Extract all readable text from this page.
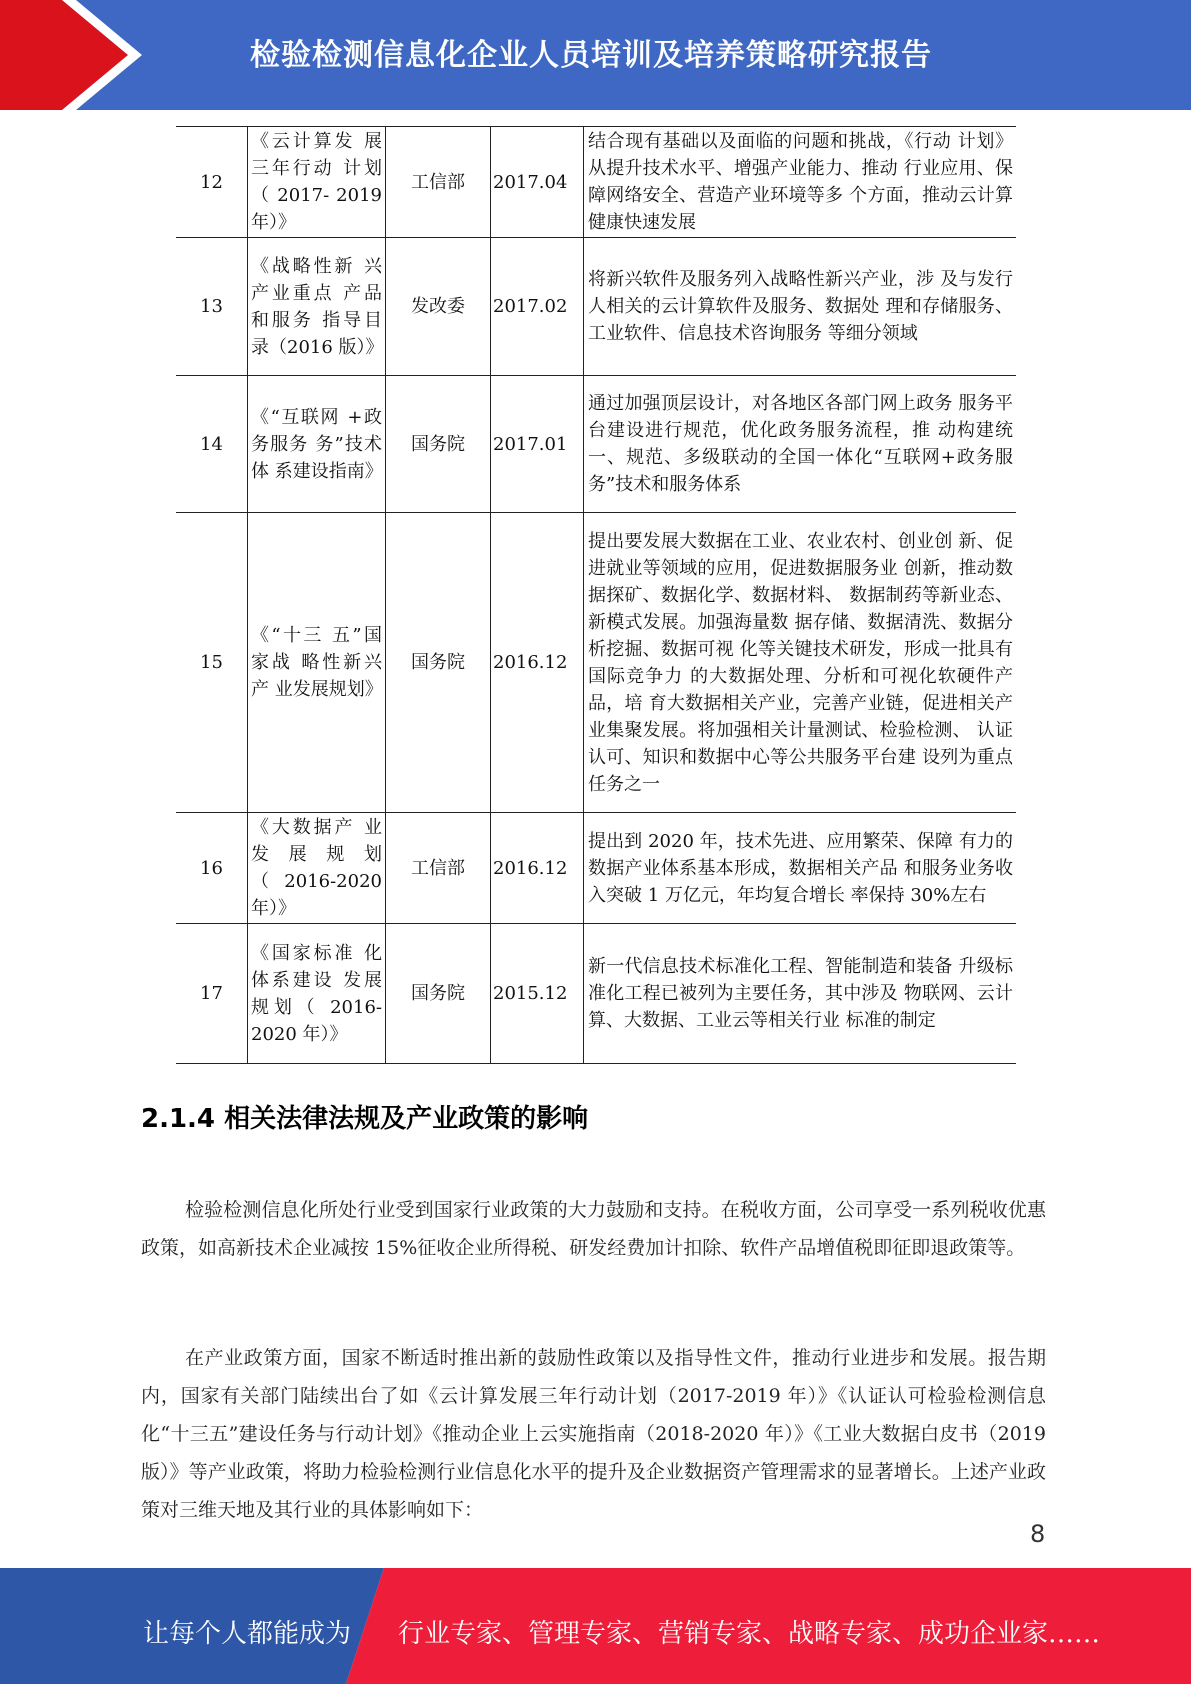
检验检测信息化企业人员培训及培养策略研究报告
12	《云计算发 展三年行动 计划（ 2017- 2019 年）》	工信部	2017.04	结合现有基础以及面临的问题和挑战，《行动 计划》从提升技术水平、增强产业能力、推动 行业应用、保障网络安全、营造产业环境等多 个方面，推动云计算健康快速发展
13	《战略性新 兴产业重点 产品和服务 指导目录（2016 版）》	发改委	2017.02	将新兴软件及服务列入战略性新兴产业，涉 及与发行人相关的云计算软件及服务、数据处 理和存储服务、工业软件、信息技术咨询服务 等细分领域
14	《“互联网 +政务服务 务”技术体 系建设指南》	国务院	2017.01	通过加强顶层设计，对各地区各部门网上政务 服务平台建设进行规范，优化政务服务流程，推 动构建统一、规范、多级联动的全国一体化“互联网+政务服务”技术和服务体系
15	《“十三 五”国家战 略性新兴产 业发展规划》	国务院	2016.12	提出要发展大数据在工业、农业农村、创业创 新、促进就业等领域的应用，促进数据服务业 创新，推动数据探矿、数据化学、数据材料、 数据制药等新业态、新模式发展。加强海量数 据存储、数据清洗、数据分析挖掘、数据可视 化等关键技术研发，形成一批具有国际竞争力 的大数据处理、分析和可视化软硬件产品，培 育大数据相关产业，完善产业链，促进相关产 业集聚发展。将加强相关计量测试、检验检测、 认证认可、知识和数据中心等公共服务平台建 设列为重点任务之一
16	《大数据产 业发展规划（2016-2020 年）》	工信部	2016.12	提出到 2020 年，技术先进、应用繁荣、保障 有力的数据产业体系基本形成，数据相关产品 和服务业务收入突破 1 万亿元，年均复合增长 率保持 30%左右
17	《国家标准 化体系建设 发展规划（ 2016-2020 年）》	国务院	2015.12	新一代信息技术标准化工程、智能制造和装备 升级标准化工程已被列为主要任务，其中涉及 物联网、云计算、大数据、工业云等相关行业 标准的制定
2.1.4 相关法律法规及产业政策的影响

检验检测信息化所处行业受到国家行业政策的大力鼓励和支持。在税收方面，公司享受一系列税收优惠政策，如高新技术企业减按 15%征收企业所得税、研发经费加计扣除、软件产品增值税即征即退政策等。

在产业政策方面，国家不断适时推出新的鼓励性政策以及指导性文件，推动行业进步和发展。报告期内，国家有关部门陆续出台了如《云计算发展三年行动计划（2017-2019 年）》《认证认可检验检测信息化“十三五”建设任务与行动计划》《推动企业上云实施指南（2018-2020 年）》《工业大数据白皮书（2019 版）》等产业政策，将助力检验检测行业信息化水平的提升及企业数据资产管理需求的显著增长。上述产业政策对三维天地及其行业的具体影响如下：

8
让每个人都能成为 行业专家、管理专家、营销专家、战略专家、成功企业家……
